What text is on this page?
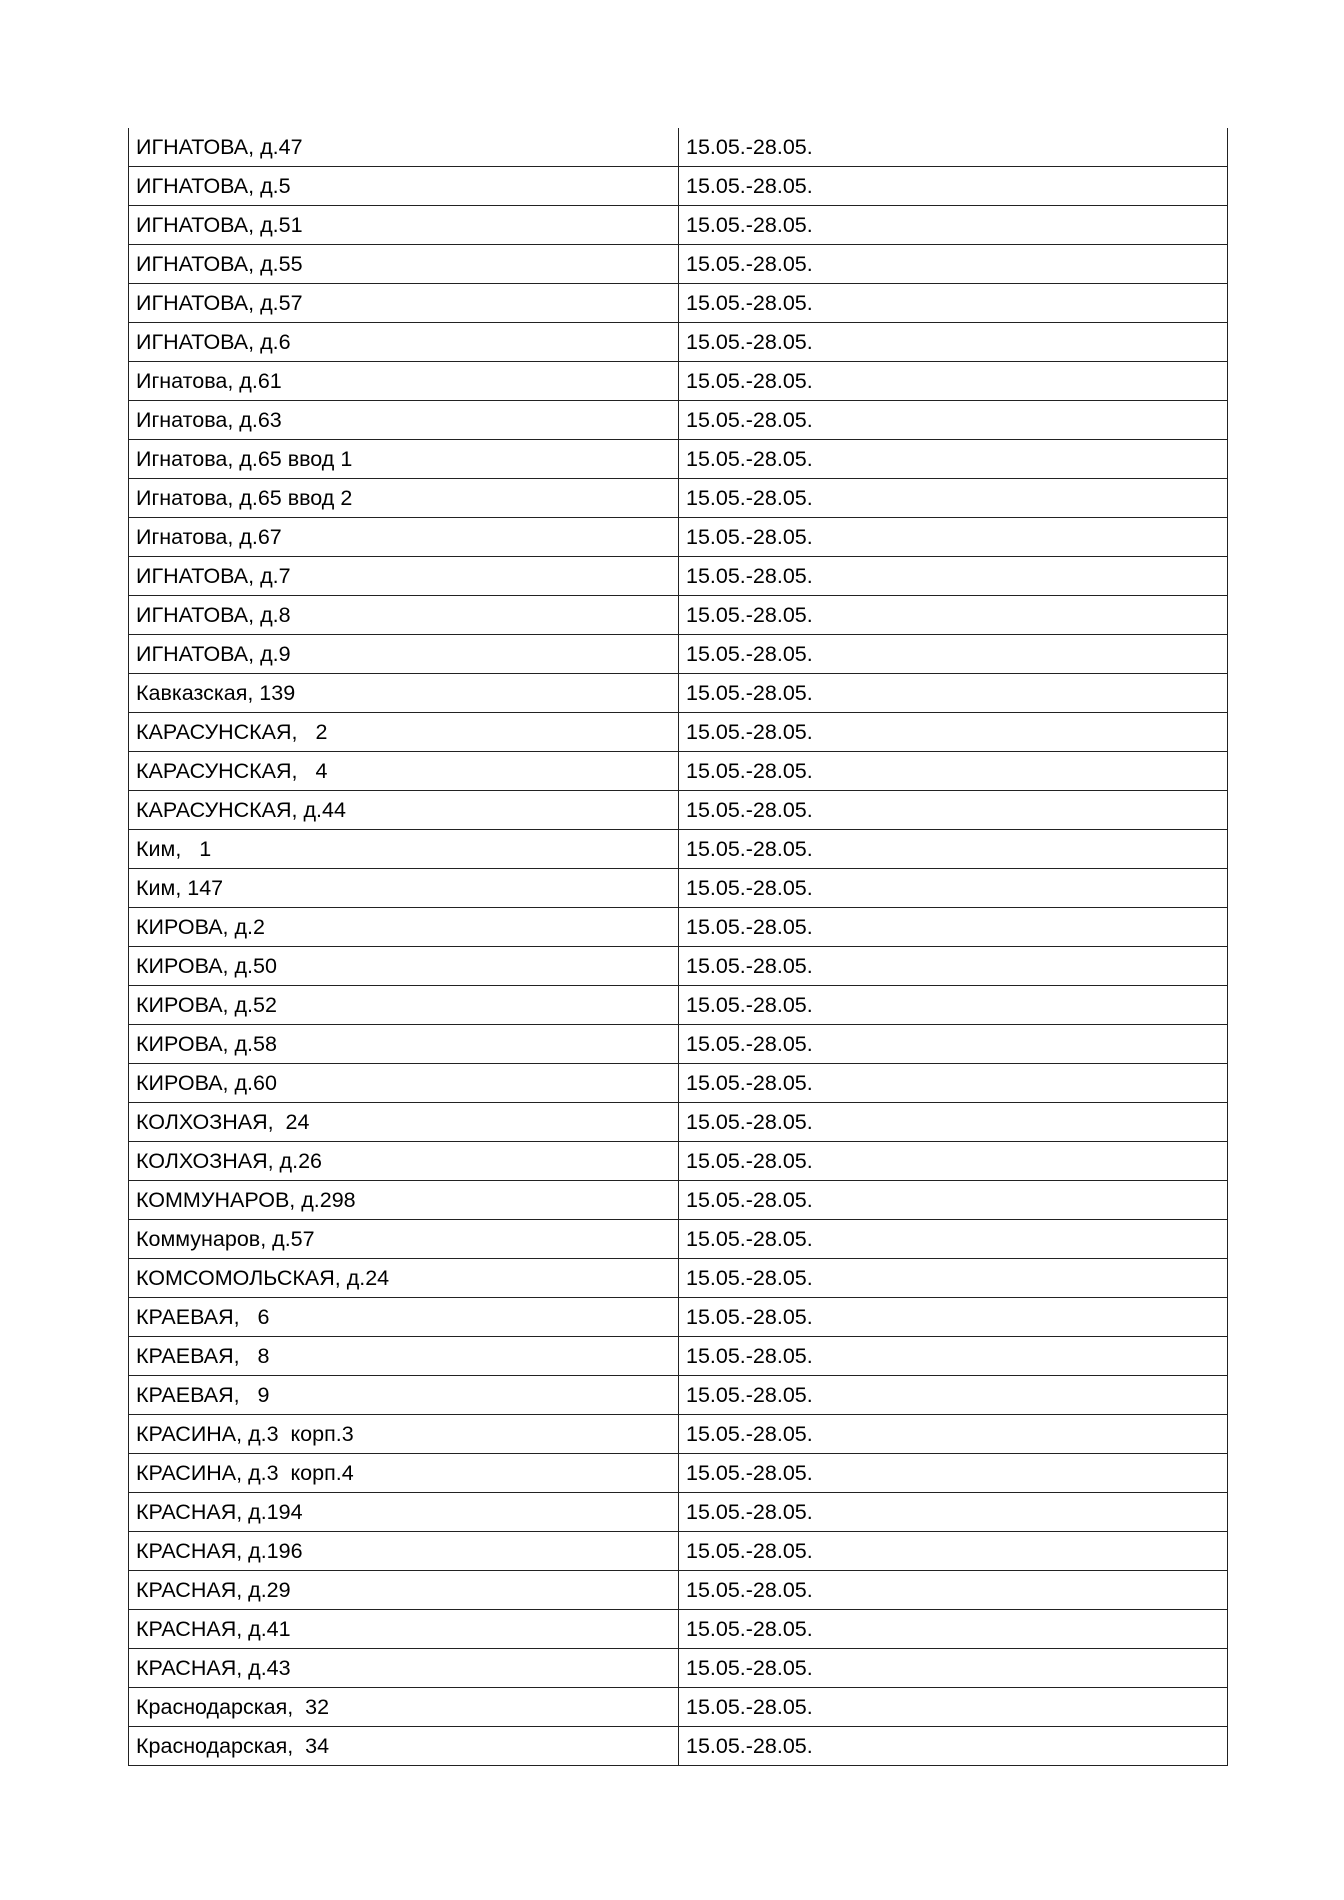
ИГНАТОВА, д.47	15.05.-28.05.
ИГНАТОВА, д.5	15.05.-28.05.
ИГНАТОВА, д.51	15.05.-28.05.
ИГНАТОВА, д.55	15.05.-28.05.
ИГНАТОВА, д.57	15.05.-28.05.
ИГНАТОВА, д.6	15.05.-28.05.
Игнатова, д.61	15.05.-28.05.
Игнатова, д.63	15.05.-28.05.
Игнатова, д.65 ввод 1	15.05.-28.05.
Игнатова, д.65 ввод 2	15.05.-28.05.
Игнатова, д.67	15.05.-28.05.
ИГНАТОВА, д.7	15.05.-28.05.
ИГНАТОВА, д.8	15.05.-28.05.
ИГНАТОВА, д.9	15.05.-28.05.
Кавказская, 139	15.05.-28.05.
КАРАСУНСКАЯ,   2	15.05.-28.05.
КАРАСУНСКАЯ,   4	15.05.-28.05.
КАРАСУНСКАЯ, д.44	15.05.-28.05.
Ким,   1	15.05.-28.05.
Ким, 147	15.05.-28.05.
КИРОВА, д.2	15.05.-28.05.
КИРОВА, д.50	15.05.-28.05.
КИРОВА, д.52	15.05.-28.05.
КИРОВА, д.58	15.05.-28.05.
КИРОВА, д.60	15.05.-28.05.
КОЛХОЗНАЯ,  24	15.05.-28.05.
КОЛХОЗНАЯ, д.26	15.05.-28.05.
КОММУНАРОВ, д.298	15.05.-28.05.
Коммунаров, д.57	15.05.-28.05.
КОМСОМОЛЬСКАЯ, д.24	15.05.-28.05.
КРАЕВАЯ,   6	15.05.-28.05.
КРАЕВАЯ,   8	15.05.-28.05.
КРАЕВАЯ,   9	15.05.-28.05.
КРАСИНА, д.3  корп.3	15.05.-28.05.
КРАСИНА, д.3  корп.4	15.05.-28.05.
КРАСНАЯ, д.194	15.05.-28.05.
КРАСНАЯ, д.196	15.05.-28.05.
КРАСНАЯ, д.29	15.05.-28.05.
КРАСНАЯ, д.41	15.05.-28.05.
КРАСНАЯ, д.43	15.05.-28.05.
Краснодарская,  32	15.05.-28.05.
Краснодарская,  34	15.05.-28.05.
